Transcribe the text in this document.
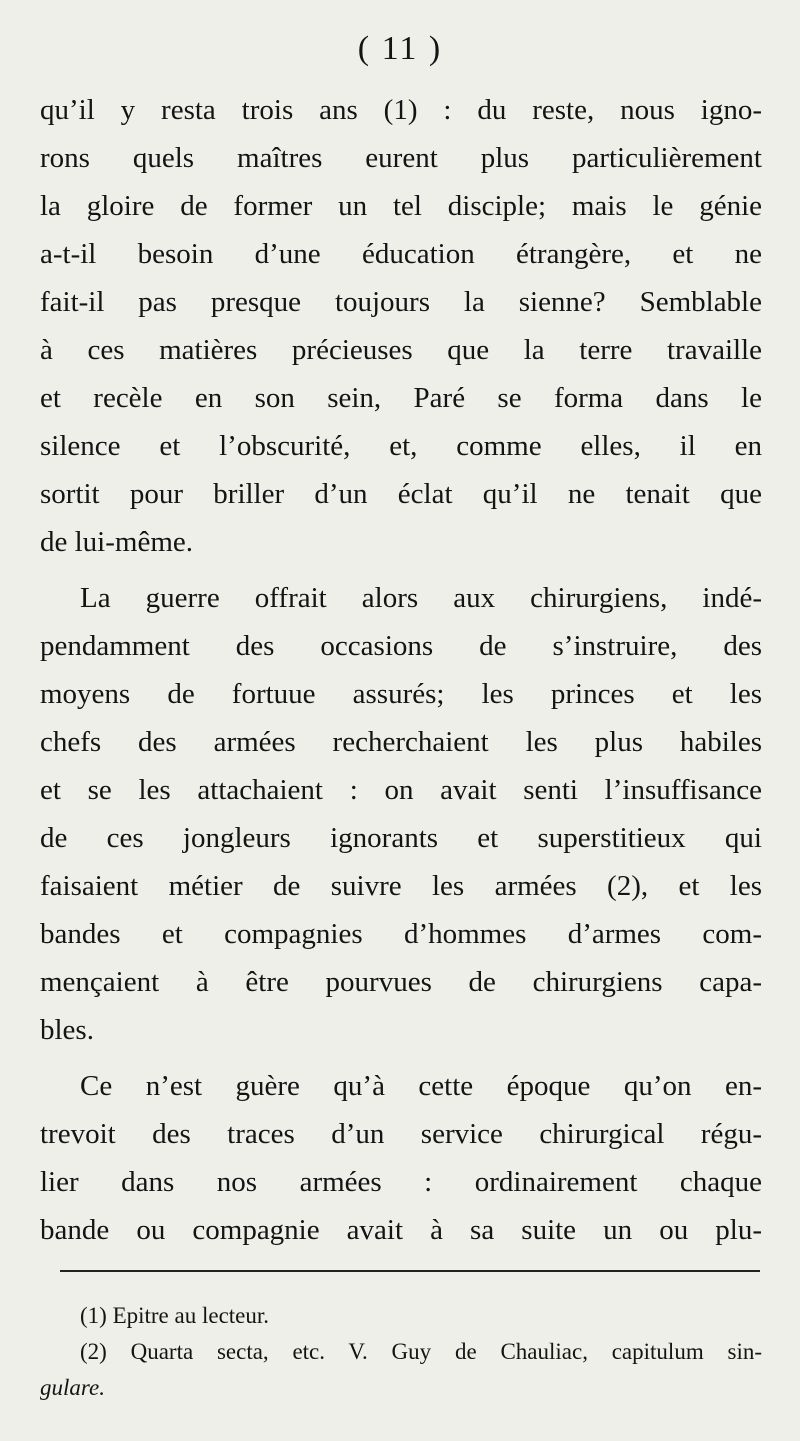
( 11 )
qu’il y resta trois ans (1) : du reste, nous igno-
rons quels maîtres eurent plus particulièrement
la gloire de former un tel disciple; mais le génie
a-t-il besoin d’une éducation étrangère, et ne
fait-il pas presque toujours la sienne? Semblable
à ces matières précieuses que la terre travaille
et recèle en son sein, Paré se forma dans le
silence et l’obscurité, et, comme elles, il en
sortit pour briller d’un éclat qu’il ne tenait que
de lui-même.
La guerre offrait alors aux chirurgiens, indé-
pendamment des occasions de s’instruire, des
moyens de fortuue assurés; les princes et les
chefs des armées recherchaient les plus habiles
et se les attachaient : on avait senti l’insuffisance
de ces jongleurs ignorants et superstitieux qui
faisaient métier de suivre les armées (2), et les
bandes et compagnies d’hommes d’armes com-
mençaient à être pourvues de chirurgiens capa-
bles.
Ce n’est guère qu’à cette époque qu’on en-
trevoit des traces d’un service chirurgical régu-
lier dans nos armées : ordinairement chaque
bande ou compagnie avait à sa suite un ou plu-
(1) Epitre au lecteur.
(2) Quarta secta, etc. V. Guy de Chauliac, capitulum sin-
gulare.
